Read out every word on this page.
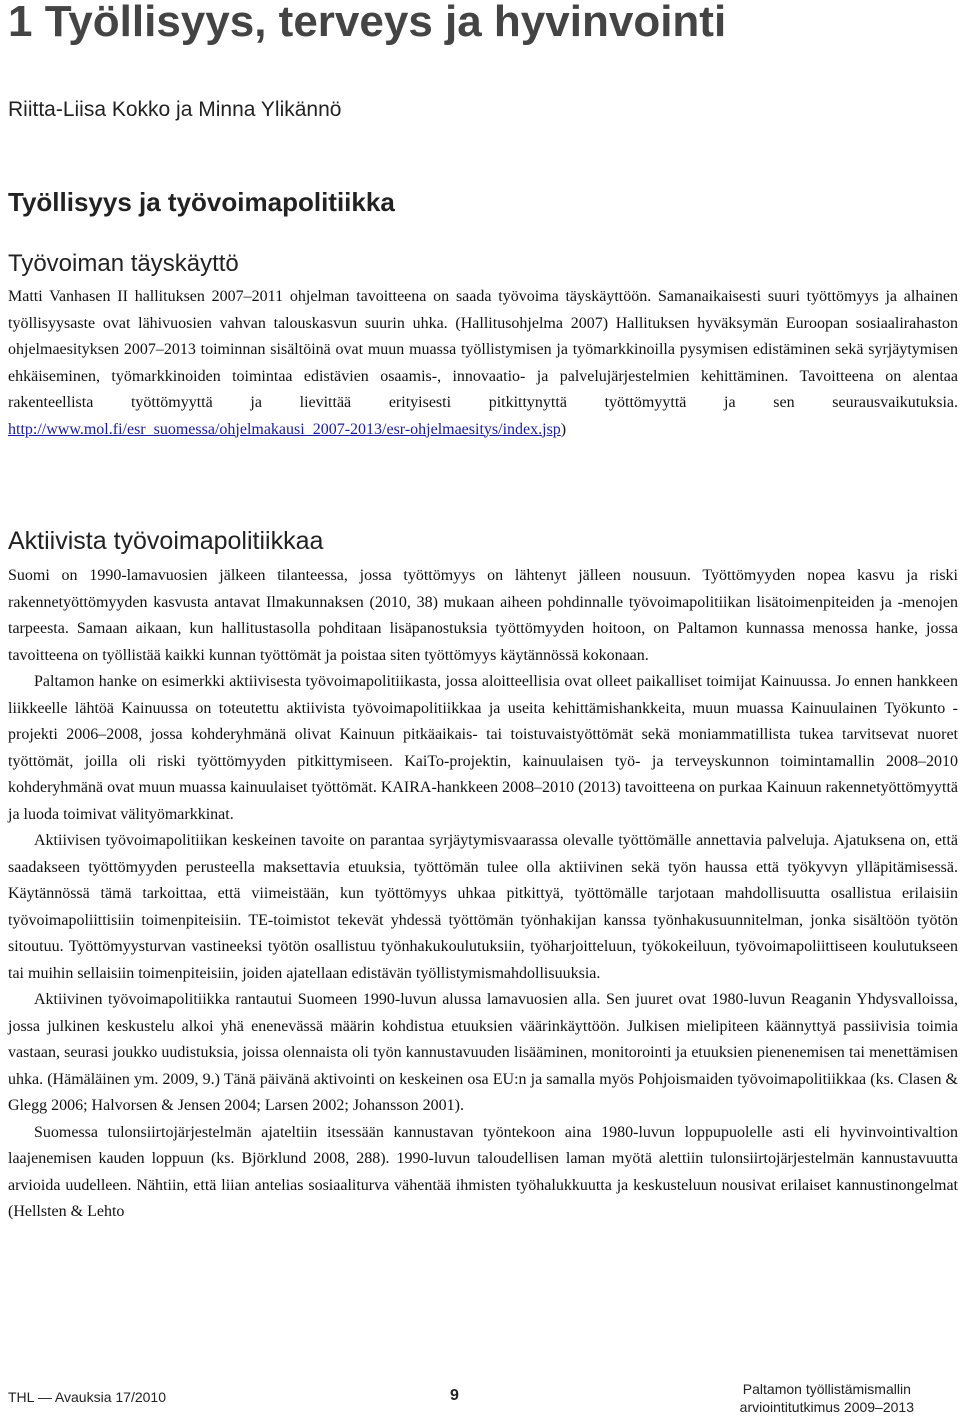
1 Työllisyys, terveys ja hyvinvointi
Riitta-Liisa Kokko ja Minna Ylikännö
Työllisyys ja työvoimapolitiikka
Työvoiman täyskäyttö

Matti Vanhasen II hallituksen 2007–2011 ohjelman tavoitteena on saada työvoima täyskäyttöön. Samanaikaisesti suuri työttömyys ja alhainen työllisyysaste ovat lähivuosien vahvan talouskasvun suurin uhka. (Hallitusohjelma 2007) Hallituksen hyväksymän Euroopan sosiaalirahaston ohjelmaesityksen 2007–2013 toiminnan sisältöinä ovat muun muassa työllistymisen ja työmarkkinoilla pysymisen edistäminen sekä syrjäytymisen ehkäiseminen, työmarkkinoiden toimintaa edistävien osaamis-, innovaatio- ja palvelujärjestelmien kehittäminen. Tavoitteena on alentaa rakenteellista työttömyyttä ja lievittää erityisesti pitkittynyttä työttömyyttä ja sen seurausvaikutuksia. http://www.mol.fi/esr_suomessa/ohjelmakausi_2007-2013/esr-ohjelmaesitys/index.jsp)

Aktiivista työvoimapolitiikkaa

Suomi on 1990-lamavuosien jälkeen tilanteessa, jossa työttömyys on lähtenyt jälleen nousuun. Työttömyyden nopea kasvu ja riski rakennetyöttömyyden kasvusta antavat Ilmakunnaksen (2010, 38) mukaan aiheen pohdinnalle työvoimapolitiikan lisätoimenpiteiden ja -menojen tarpeesta. Samaan aikaan, kun hallitustasolla pohditaan lisäpanostuksia työttömyyden hoitoon, on Paltamon kunnassa menossa hanke, jossa tavoitteena on työllistää kaikki kunnan työttömät ja poistaa siten työttömyys käytännössä kokonaan.

Paltamon hanke on esimerkki aktiivisesta työvoimapolitiikasta, jossa aloitteellisia ovat olleet paikalliset toimijat Kainuussa. Jo ennen hankkeen liikkeelle lähtöä Kainuussa on toteutettu aktiivista työvoimapolitiikkaa ja useita kehittämishankkeita, muun muassa Kainuulainen Työkunto -projekti 2006–2008, jossa kohderyhmänä olivat Kainuun pitkäaikais- tai toistuvaistyöttömät sekä moniammatillista tukea tarvitsevat nuoret työttömät, joilla oli riski työttömyyden pitkittymiseen. KaiTo-projektin, kainuulaisen työ- ja terveyskunnon toimintamallin 2008–2010 kohderyhmänä ovat muun muassa kainuulaiset työttömät. KAIRA-hankkeen 2008–2010 (2013) tavoitteena on purkaa Kainuun rakennetyöttömyyttä ja luoda toimivat välityömarkkinat.

Aktiivisen työvoimapolitiikan keskeinen tavoite on parantaa syrjäytymisvaarassa olevalle työttömälle annettavia palveluja. Ajatuksena on, että saadakseen työttömyyden perusteella maksettavia etuuksia, työttömän tulee olla aktiivinen sekä työn haussa että työkyvyn ylläpitämisessä. Käytännössä tämä tarkoittaa, että viimeistään, kun työttömyys uhkaa pitkittyä, työttömälle tarjotaan mahdollisuutta osallistua erilaisiin työvoimapoliittisiin toimenpiteisiin. TE-toimistot tekevät yhdessä työttömän työnhakijan kanssa työnhakusuunnitelman, jonka sisältöön työtön sitoutuu. Työttömyysturvan vastineeksi työtön osallistuu työnhakukoulutuksiin, työharjoitteluun, työkokeiluun, työvoimapoliittiseen koulutukseen tai muihin sellaisiin toimenpiteisiin, joiden ajatellaan edistävän työllistymismahdollisuuksia.

Aktiivinen työvoimapolitiikka rantautui Suomeen 1990-luvun alussa lamavuosien alla. Sen juuret ovat 1980-luvun Reaganin Yhdysvalloissa, jossa julkinen keskustelu alkoi yhä enenevässä määrin kohdistua etuuksien väärinkäyttöön. Julkisen mielipiteen käännyttyä passiivisia toimia vastaan, seurasi joukko uudistuksia, joissa olennaista oli työn kannustavuuden lisääminen, monitorointi ja etuuksien pienenemisen tai menettämisen uhka. (Hämäläinen ym. 2009, 9.) Tänä päivänä aktivointi on keskeinen osa EU:n ja samalla myös Pohjoismaiden työvoimapolitiikkaa (ks. Clasen & Glegg 2006; Halvorsen & Jensen 2004; Larsen 2002; Johansson 2001).

Suomessa tulonsiirtojärjestelmän ajateltiin itsessään kannustavan työntekoon aina 1980-luvun loppupuolelle asti eli hyvinvointivaltion laajenemisen kauden loppuun (ks. Björklund 2008, 288). 1990-luvun taloudellisen laman myötä alettiin tulonsiirtojärjestelmän kannustavuutta arvioida uudelleen. Nähtiin, että liian antelias sosiaaliturva vähentää ihmisten työhalukkuutta ja keskusteluun nousivat erilaiset kannustinongelmat (Hellsten & Lehto

THL — Avauksia 17/2010	9	Paltamon työllistämismallin
arviointitutkimus 2009–2013
